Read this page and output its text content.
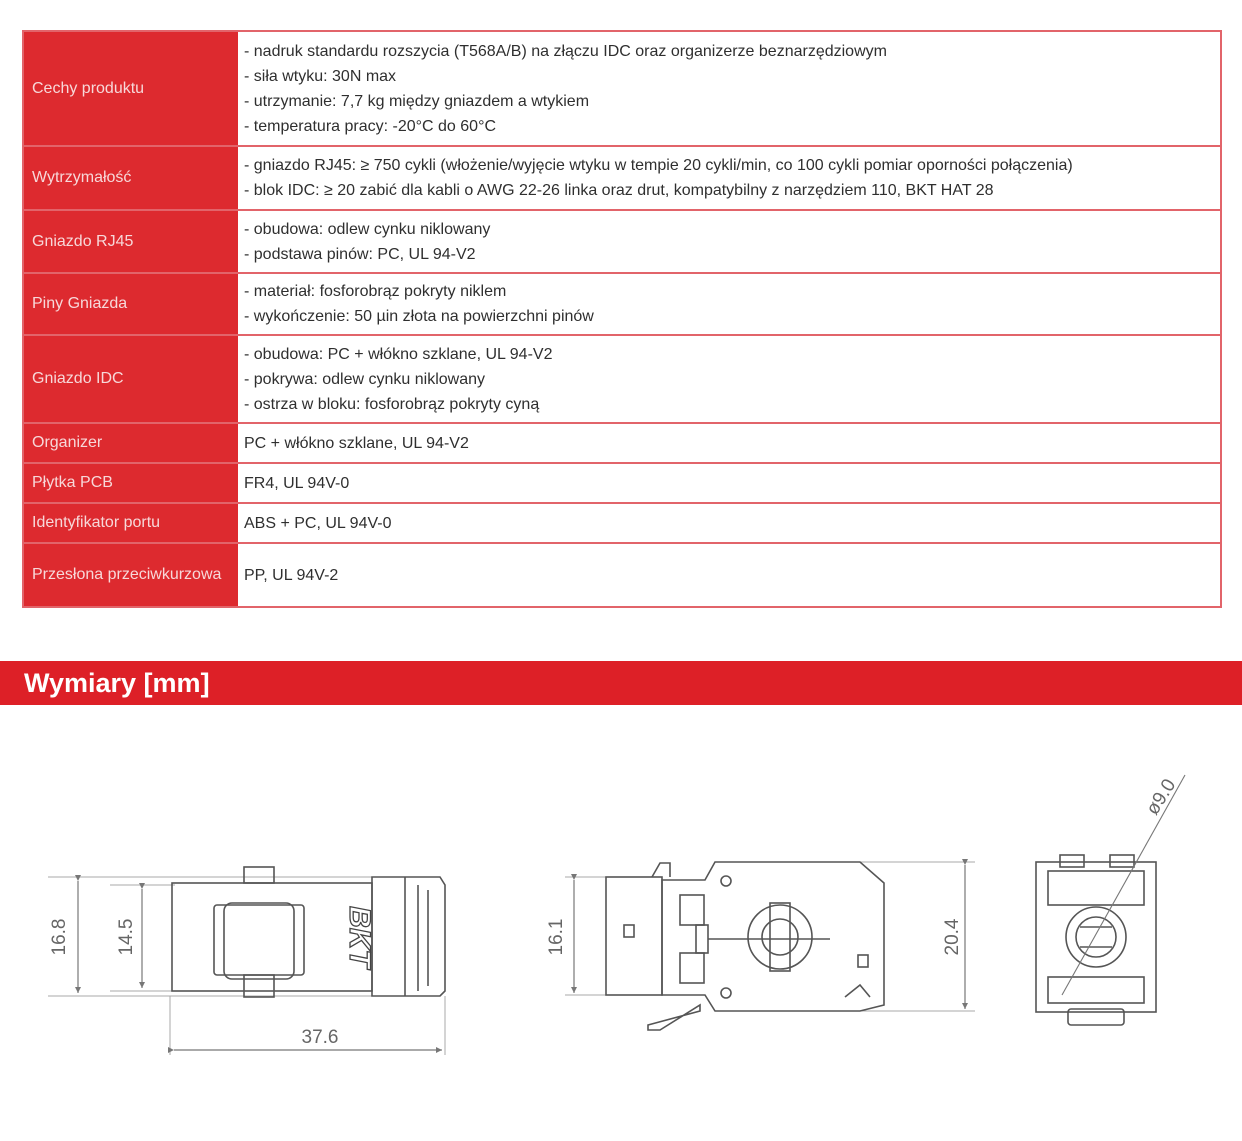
Cechy produktu
- nadruk standardu rozszycia (T568A/B) na złączu IDC oraz organizerze beznarzędziowym
- siła wtyku: 30N max
- utrzymanie: 7,7 kg między gniazdem a wtykiem
- temperatura pracy: -20°C do 60°C
Wytrzymałość
- gniazdo RJ45: ≥ 750 cykli (włożenie/wyjęcie wtyku w tempie 20 cykli/min, co 100 cykli pomiar oporności połączenia)
- blok IDC: ≥ 20 zabić dla kabli o AWG 22-26 linka oraz drut, kompatybilny z narzędziem 110, BKT HAT 28
Gniazdo RJ45
- obudowa: odlew cynku niklowany
- podstawa pinów: PC, UL 94-V2
Piny Gniazda
- materiał: fosforobrąz pokryty niklem
- wykończenie: 50 µin złota na powierzchni pinów
Gniazdo IDC
- obudowa: PC + włókno szklane, UL 94-V2
- pokrywa: odlew cynku niklowany
- ostrza w bloku: fosforobrąz pokryty cyną
Organizer	PC + włókno szklane, UL 94-V2
Płytka PCB	FR4, UL 94V-0
Identyfikator portu	ABS + PC, UL 94V-0
Przesłona przeciwkurzowa	PP, UL 94V-2
Wymiary [mm]
16.8 14.5
37.6
BKT	16.1	20.4
ø9.0
